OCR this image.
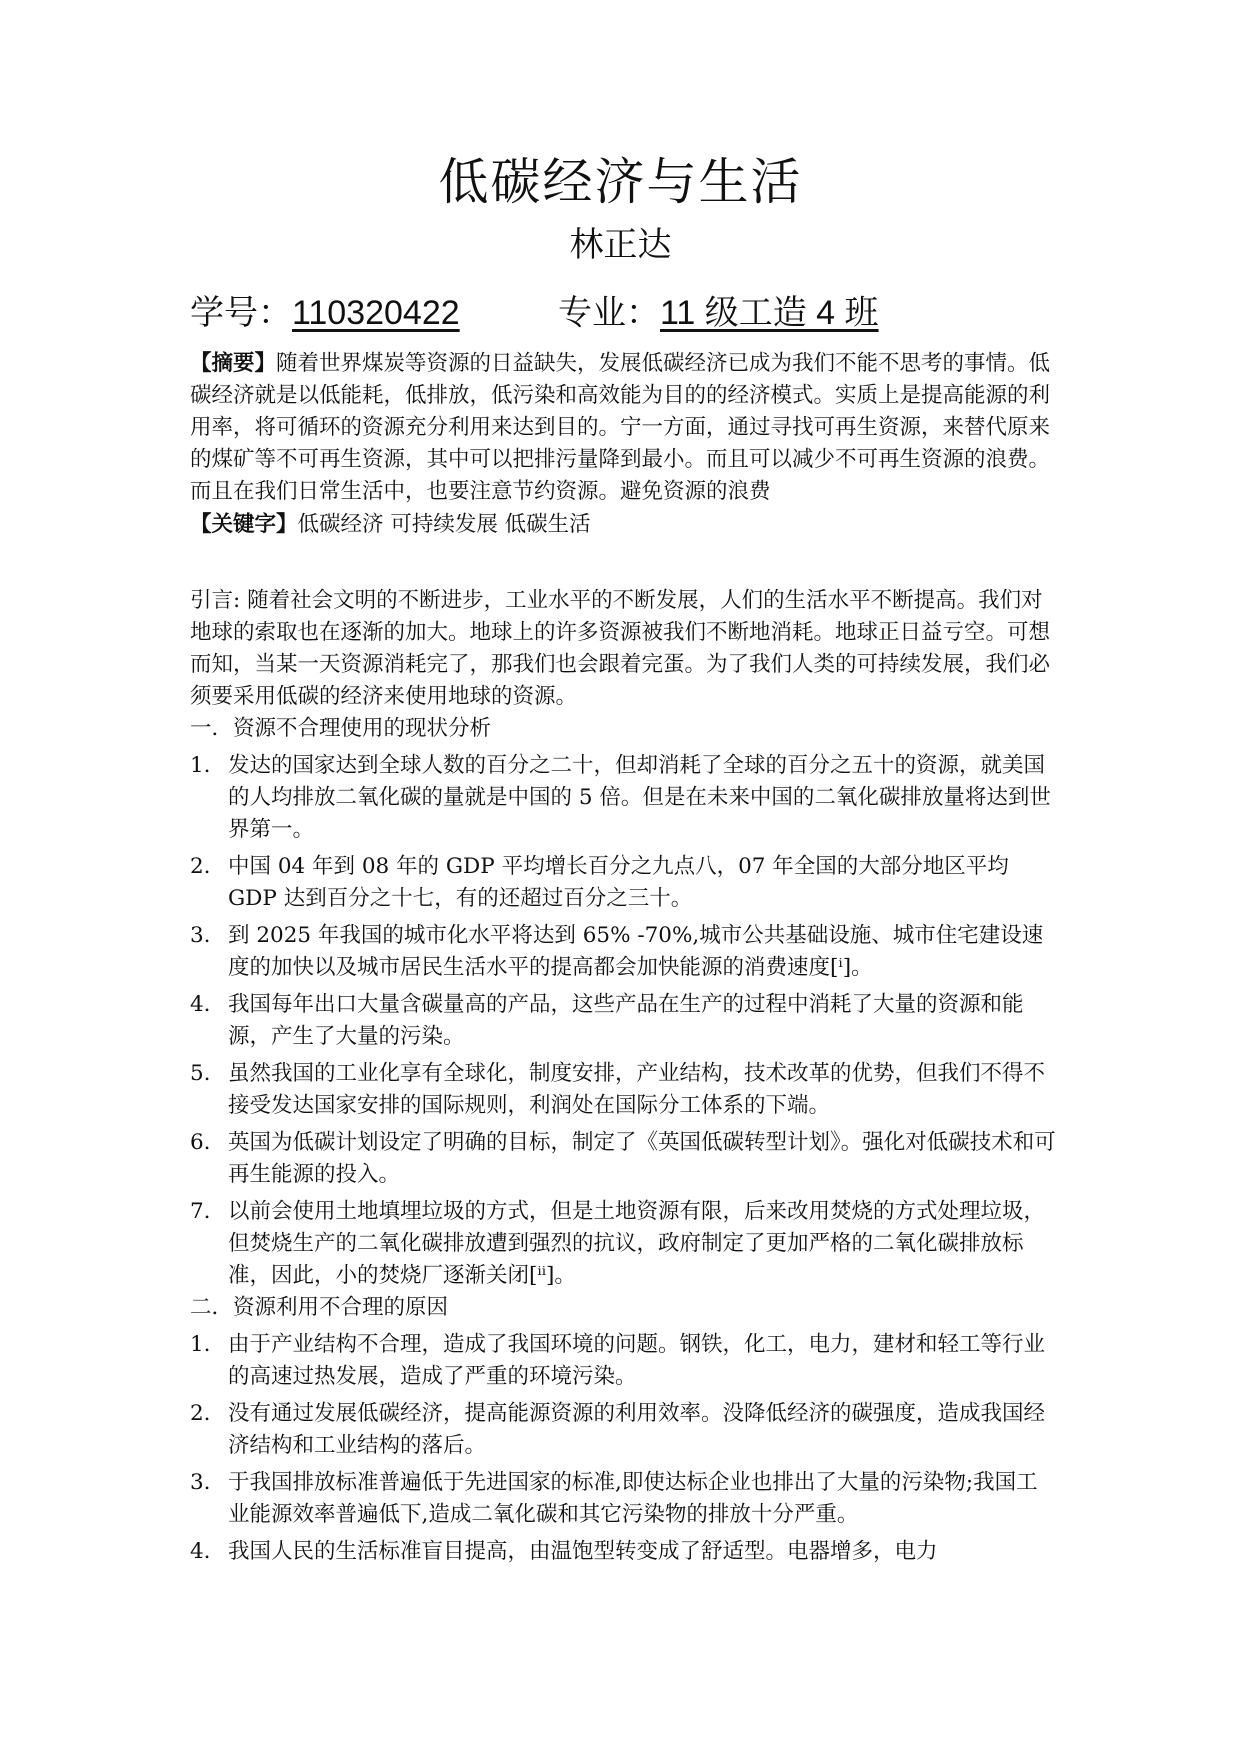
低碳经济与生活
林正达
学号：110320422	专业：11 级工造 4 班

【摘要】随着世界煤炭等资源的日益缺失，发展低碳经济已成为我们不能不思考的事情。低碳经济就是以低能耗，低排放，低污染和高效能为目的的经济模式。实质上是提高能源的利用率，将可循环的资源充分利用来达到目的。宁一方面，通过寻找可再生资源，来替代原来的煤矿等不可再生资源，其中可以把排污量降到最小。而且可以减少不可再生资源的浪费。而且在我们日常生活中，也要注意节约资源。避免资源的浪费

【关键字】低碳经济 可持续发展 低碳生活

引言: 随着社会文明的不断进步，工业水平的不断发展，人们的生活水平不断提高。我们对地球的索取也在逐渐的加大。地球上的许多资源被我们不断地消耗。地球正日益亏空。可想而知，当某一天资源消耗完了，那我们也会跟着完蛋。为了我们人类的可持续发展，我们必须要采用低碳的经济来使用地球的资源。

一．资源不合理使用的现状分析

1. 发达的国家达到全球人数的百分之二十，但却消耗了全球的百分之五十的资源，就美国的人均排放二氧化碳的量就是中国的 5 倍。但是在未来中国的二氧化碳排放量将达到世界第一。
2. 中国 04 年到 08 年的 GDP 平均增长百分之九点八，07 年全国的大部分地区平均 GDP 达到百分之十七，有的还超过百分之三十。
3. 到 2025 年我国的城市化水平将达到 65% -70%,城市公共基础设施、城市住宅建设速度的加快以及城市居民生活水平的提高都会加快能源的消费速度[ⁱ]。
4. 我国每年出口大量含碳量高的产品，这些产品在生产的过程中消耗了大量的资源和能源，产生了大量的污染。
5. 虽然我国的工业化享有全球化，制度安排，产业结构，技术改革的优势，但我们不得不接受发达国家安排的国际规则，利润处在国际分工体系的下端。
6. 英国为低碳计划设定了明确的目标，制定了《英国低碳转型计划》。强化对低碳技术和可再生能源的投入。
7. 以前会使用土地填埋垃圾的方式，但是土地资源有限，后来改用焚烧的方式处理垃圾，但焚烧生产的二氧化碳排放遭到强烈的抗议，政府制定了更加严格的二氧化碳排放标准，因此，小的焚烧厂逐渐关闭[ⁱⁱ]。

二．资源利用不合理的原因

1. 由于产业结构不合理，造成了我国环境的问题。钢铁，化工，电力，建材和轻工等行业的高速过热发展，造成了严重的环境污染。
2. 没有通过发展低碳经济，提高能源资源的利用效率。没降低经济的碳强度，造成我国经济结构和工业结构的落后。
3. 于我国排放标准普遍低于先进国家的标准,即使达标企业也排出了大量的污染物;我国工业能源效率普遍低下,造成二氧化碳和其它污染物的排放十分严重。
4. 我国人民的生活标准盲目提高，由温饱型转变成了舒适型。电器增多，电力
